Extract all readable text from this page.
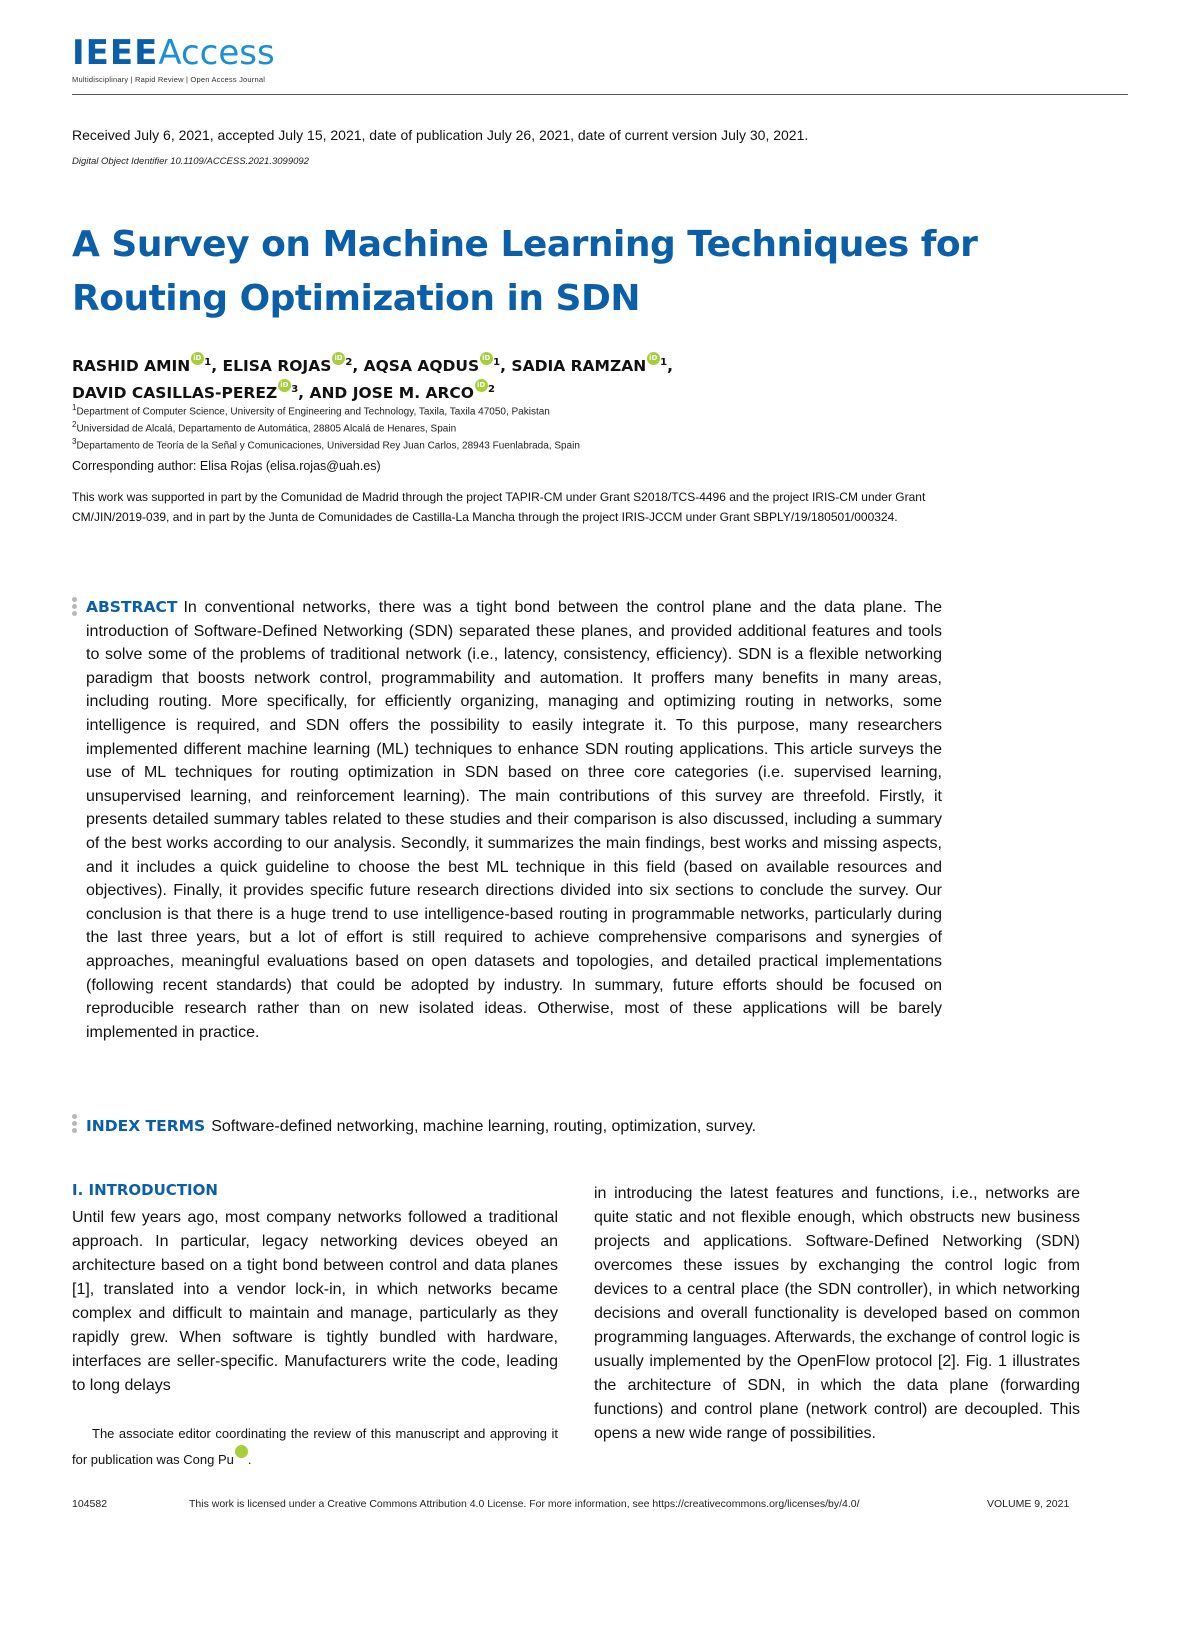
IEEEAccess
Multidisciplinary | Rapid Review | Open Access Journal
Received July 6, 2021, accepted July 15, 2021, date of publication July 26, 2021, date of current version July 30, 2021.
Digital Object Identifier 10.1109/ACCESS.2021.3099092
A Survey on Machine Learning Techniques for
Routing Optimization in SDN
RASHID AMIN iD $^1$, ELISA ROJAS iD $^2$, AQSA AQDUS iD $^1$, SADIA RAMZAN iD $^1$,
DAVID CASILLAS-PEREZ iD $^3$, AND JOSE M. ARCO iD $^2$
$^1$Department of Computer Science, University of Engineering and Technology, Taxila, Taxila 47050, Pakistan
$^2$Universidad de Alcalá, Departamento de Automática, 28805 Alcalá de Henares, Spain
$^3$Departamento de Teoría de la Señal y Comunicaciones, Universidad Rey Juan Carlos, 28943 Fuenlabrada, Spain
Corresponding author: Elisa Rojas (elisa.rojas@uah.es)
This work was supported in part by the Comunidad de Madrid through the project TAPIR-CM under Grant S2018/TCS-4496 and the project IRIS-CM under Grant CM/JIN/2019-039, and in part by the Junta de Comunidades de Castilla-La Mancha through the project IRIS-JCCM under Grant SBPLY/19/180501/000324.
ABSTRACT In conventional networks, there was a tight bond between the control plane and the data plane. The introduction of Software-Defined Networking (SDN) separated these planes, and provided additional features and tools to solve some of the problems of traditional network (i.e., latency, consistency, efficiency). SDN is a flexible networking paradigm that boosts network control, programmability and automation. It proffers many benefits in many areas, including routing. More specifically, for efficiently organizing, managing and optimizing routing in networks, some intelligence is required, and SDN offers the possibility to easily integrate it. To this purpose, many researchers implemented different machine learning (ML) techniques to enhance SDN routing applications. This article surveys the use of ML techniques for routing optimization in SDN based on three core categories (i.e. supervised learning, unsupervised learning, and reinforcement learning). The main contributions of this survey are threefold. Firstly, it presents detailed summary tables related to these studies and their comparison is also discussed, including a summary of the best works according to our analysis. Secondly, it summarizes the main findings, best works and missing aspects, and it includes a quick guideline to choose the best ML technique in this field (based on available resources and objectives). Finally, it provides specific future research directions divided into six sections to conclude the survey. Our conclusion is that there is a huge trend to use intelligence-based routing in programmable networks, particularly during the last three years, but a lot of effort is still required to achieve comprehensive comparisons and synergies of approaches, meaningful evaluations based on open datasets and topologies, and detailed practical implementations (following recent standards) that could be adopted by industry. In summary, future efforts should be focused on reproducible research rather than on new isolated ideas. Otherwise, most of these applications will be barely implemented in practice.
INDEX TERMS Software-defined networking, machine learning, routing, optimization, survey.
I. INTRODUCTION
Until few years ago, most company networks followed a traditional approach. In particular, legacy networking devices obeyed an architecture based on a tight bond between control and data planes [1], translated into a vendor lock-in, in which networks became complex and difficult to maintain and manage, particularly as they rapidly grew. When software is tightly bundled with hardware, interfaces are seller-specific. Manufacturers write the code, leading to long delays
in introducing the latest features and functions, i.e., networks are quite static and not flexible enough, which obstructs new business projects and applications. Software-Defined Networking (SDN) overcomes these issues by exchanging the control logic from devices to a central place (the SDN controller), in which networking decisions and overall functionality is developed based on common programming languages. Afterwards, the exchange of control logic is usually implemented by the OpenFlow protocol [2]. Fig. 1 illustrates the architecture of SDN, in which the data plane (forwarding functions) and control plane (network control) are decoupled. This opens a new wide range of possibilities.
The associate editor coordinating the review of this manuscript and approving it for publication was Cong PuiD .
104582	This work is licensed under a Creative Commons Attribution 4.0 License. For more information, see https://creativecommons.org/licenses/by/4.0/	VOLUME 9, 2021
